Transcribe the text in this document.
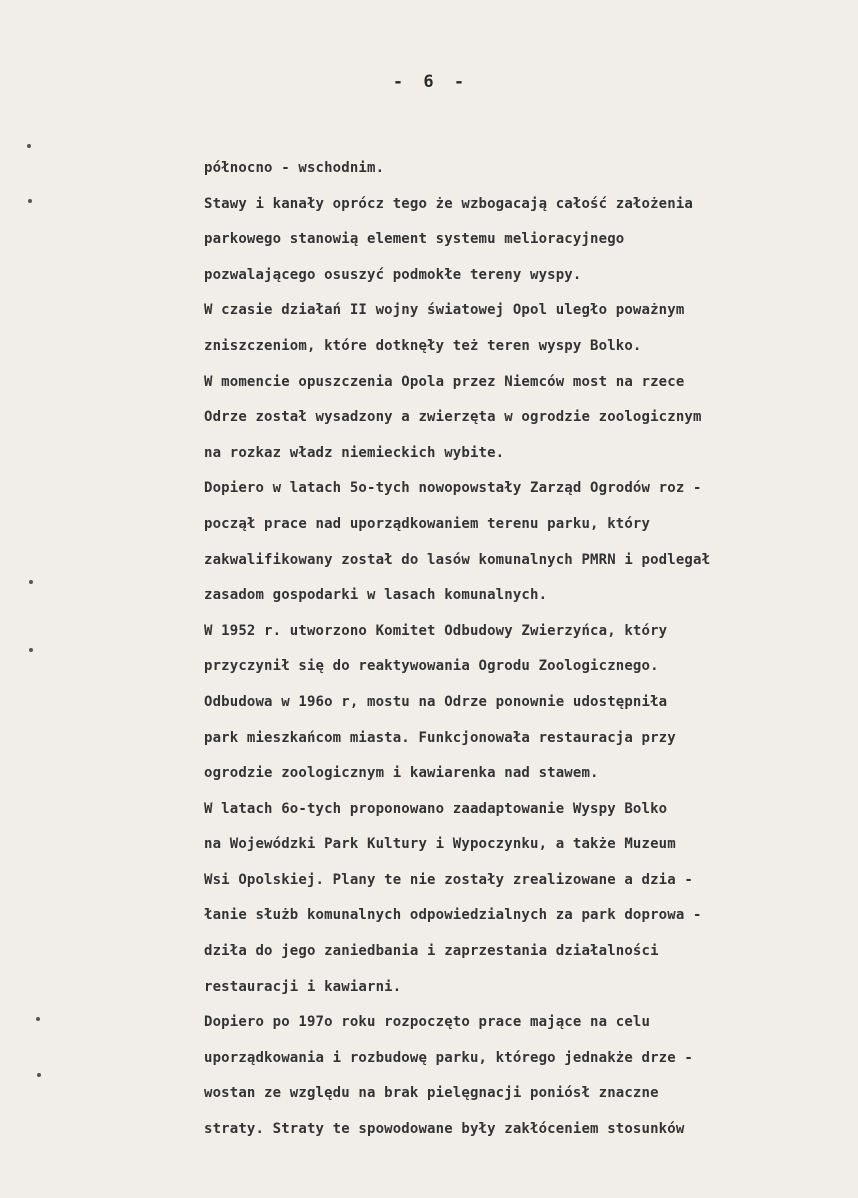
- 6 -
północno - wschodnim.
Stawy i kanały oprócz tego że wzbogacają całość założenia
parkowego stanowią element systemu melioracyjnego
pozwalającego osuszyć podmokłe tereny wyspy.
W czasie działań II wojny światowej Opol uległo poważnym
zniszczeniom, które dotknęły też teren wyspy Bolko.
W momencie opuszczenia Opola przez Niemców most na rzece
Odrze został wysadzony a zwierzęta w ogrodzie zoologicznym
na rozkaz władz niemieckich wybite.
Dopiero w latach 5o-tych nowopowstały Zarząd Ogrodów roz -
począł prace nad uporządkowaniem terenu parku, który
zakwalifikowany został do lasów komunalnych PMRN i podlegał
zasadom gospodarki w lasach komunalnych.
W 1952 r. utworzono Komitet Odbudowy Zwierzyńca, który
przyczynił się do reaktywowania Ogrodu Zoologicznego.
Odbudowa w 196o r, mostu na Odrze ponownie udostępniła
park mieszkańcom miasta. Funkcjonowała restauracja przy
ogrodzie zoologicznym i kawiarenka nad stawem.
W latach 6o-tych proponowano zaadaptowanie Wyspy Bolko
na Wojewódzki Park Kultury i Wypoczynku, a także Muzeum
Wsi Opolskiej. Plany te nie zostały zrealizowane a dzia -
łanie służb komunalnych odpowiedzialnych za park doprowa -
dziła do jego zaniedbania i zaprzestania działalności
restauracji i kawiarni.
Dopiero po 197o roku rozpoczęto prace mające na celu
uporządkowania i rozbudowę parku, którego jednakże drze -
wostan ze względu na brak pielęgnacji poniósł znaczne
straty. Straty te spowodowane były zakłóceniem stosunków
